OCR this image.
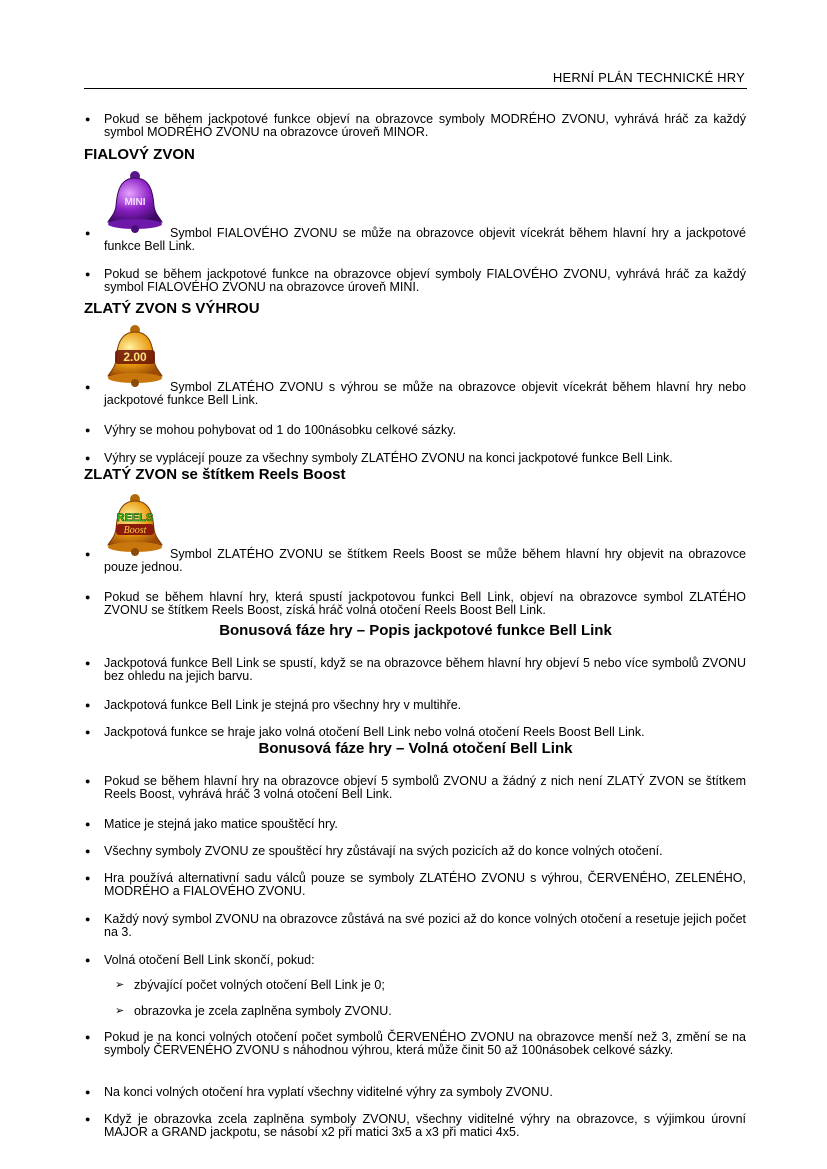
HERNÍ PLÁN TECHNICKÉ HRY
● Pokud se během jackpotové funkce objeví na obrazovce symboly MODRÉHO ZVONU, vyhrává hráč za každý symbol MODRÉHO ZVONU na obrazovce úroveň MINOR.
FIALOVÝ ZVON
MINI
● Symbol FIALOVÉHO ZVONU se může na obrazovce objevit vícekrát během hlavní hry a jackpotové funkce Bell Link.
● Pokud se během jackpotové funkce na obrazovce objeví symboly FIALOVÉHO ZVONU, vyhrává hráč za každý symbol FIALOVÉHO ZVONU na obrazovce úroveň MINI.
ZLATÝ ZVON S VÝHROU
2.00
● Symbol ZLATÉHO ZVONU s výhrou se může na obrazovce objevit vícekrát během hlavní hry nebo jackpotové funkce Bell Link.
● Výhry se mohou pohybovat od 1 do 100násobku celkové sázky.
● Výhry se vyplácejí pouze za všechny symboly ZLATÉHO ZVONU na konci jackpotové funkce Bell Link.
ZLATÝ ZVON se štítkem Reels Boost
REELS
Boost
● Symbol ZLATÉHO ZVONU se štítkem Reels Boost se může během hlavní hry objevit na obrazovce pouze jednou.
● Pokud se během hlavní hry, která spustí jackpotovou funkci Bell Link, objeví na obrazovce symbol ZLATÉHO ZVONU se štítkem Reels Boost, získá hráč volná otočení Reels Boost Bell Link.
Bonusová fáze hry – Popis jackpotové funkce Bell Link
● Jackpotová funkce Bell Link se spustí, když se na obrazovce během hlavní hry objeví 5 nebo více symbolů ZVONU bez ohledu na jejich barvu.
● Jackpotová funkce Bell Link je stejná pro všechny hry v multihře.
● Jackpotová funkce se hraje jako volná otočení Bell Link nebo volná otočení Reels Boost Bell Link.
Bonusová fáze hry – Volná otočení Bell Link
● Pokud se během hlavní hry na obrazovce objeví 5 symbolů ZVONU a žádný z nich není ZLATÝ ZVON se štítkem Reels Boost, vyhrává hráč 3 volná otočení Bell Link.
● Matice je stejná jako matice spouštěcí hry.
● Všechny symboly ZVONU ze spouštěcí hry zůstávají na svých pozicích až do konce volných otočení.
● Hra používá alternativní sadu válců pouze se symboly ZLATÉHO ZVONU s výhrou, ČERVENÉHO, ZELENÉHO, MODRÉHO a FIALOVÉHO ZVONU.
● Každý nový symbol ZVONU na obrazovce zůstává na své pozici až do konce volných otočení a resetuje jejich počet na 3.
● Volná otočení Bell Link skončí, pokud:
➢ zbývající počet volných otočení Bell Link je 0;
➢ obrazovka je zcela zaplněna symboly ZVONU.
● Pokud je na konci volných otočení počet symbolů ČERVENÉHO ZVONU na obrazovce menší než 3, změní se na symboly ČERVENÉHO ZVONU s náhodnou výhrou, která může činit 50 až 100násobek celkové sázky.
● Na konci volných otočení hra vyplatí všechny viditelné výhry za symboly ZVONU.
● Když je obrazovka zcela zaplněna symboly ZVONU, všechny viditelné výhry na obrazovce, s výjimkou úrovní MAJOR a GRAND jackpotu, se násobí x2 při matici 3x5 a x3 při matici 4x5.
